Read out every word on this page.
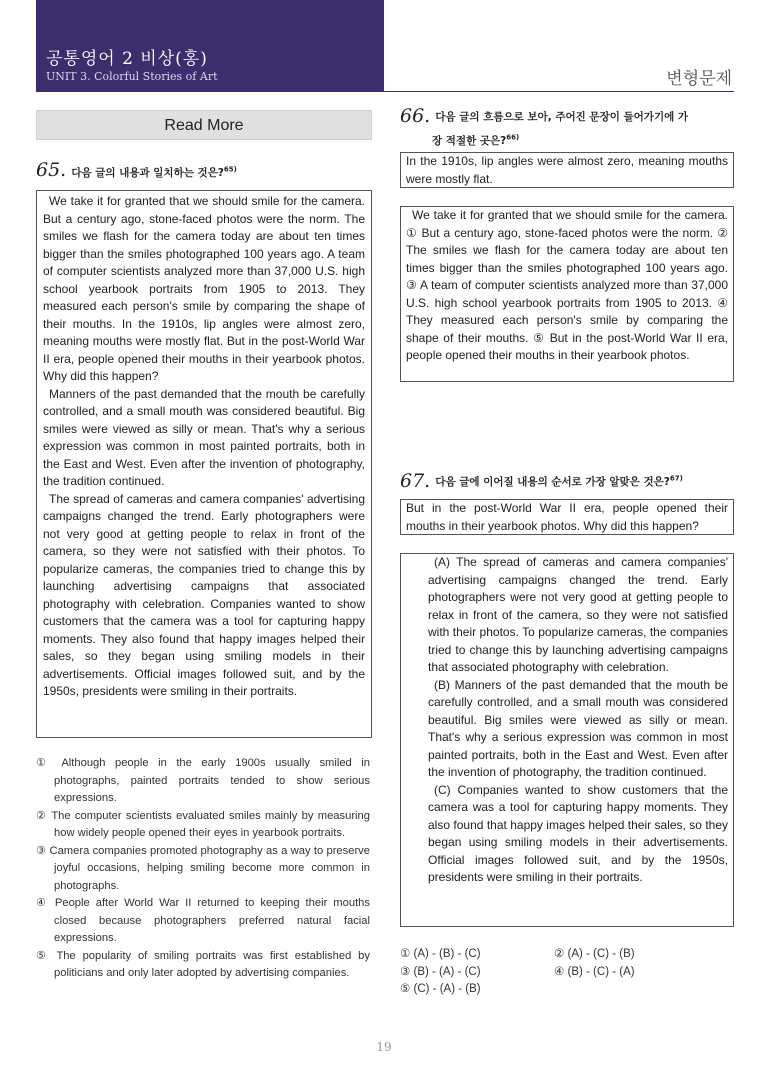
공통영어 2 비상(홍)
UNIT 3. Colorful Stories of Art	변형문제
Read More
65. 다음 글의 내용과 일치하는 것은?$^{65)}$

We take it for granted that we should smile for the camera. But a century ago, stone-faced photos were the norm. The smiles we flash for the camera today are about ten times bigger than the smiles photographed 100 years ago. A team of computer scientists analyzed more than 37,000 U.S. high school yearbook portraits from 1905 to 2013. They measured each person's smile by comparing the shape of their mouths. In the 1910s, lip angles were almost zero, meaning mouths were mostly flat. But in the post-World War II era, people opened their mouths in their yearbook photos. Why did this happen?

Manners of the past demanded that the mouth be carefully controlled, and a small mouth was considered beautiful. Big smiles were viewed as silly or mean. That's why a serious expression was common in most painted portraits, both in the East and West. Even after the invention of photography, the tradition continued.

The spread of cameras and camera companies' advertising campaigns changed the trend. Early photographers were not very good at getting people to relax in front of the camera, so they were not satisfied with their photos. To popularize cameras, the companies tried to change this by launching advertising campaigns that associated photography with celebration. Companies wanted to show customers that the camera was a tool for capturing happy moments. They also found that happy images helped their sales, so they began using smiling models in their advertisements. Official images followed suit, and by the 1950s, presidents were smiling in their portraits.

① Although people in the early 1900s usually smiled in photographs, painted portraits tended to show serious expressions.

② The computer scientists evaluated smiles mainly by measuring how widely people opened their eyes in yearbook portraits.

③ Camera companies promoted photography as a way to preserve joyful occasions, helping smiling become more common in photographs.

④ People after World War II returned to keeping their mouths closed because photographers preferred natural facial expressions.

⑤ The popularity of smiling portraits was first established by politicians and only later adopted by advertising companies.

66. 다음 글의 흐름으로 보아, 주어진 문장이 들어가기에 가
장 적절한 곳은?$^{66)}$
In the 1910s, lip angles were almost zero, meaning mouths were mostly flat.

We take it for granted that we should smile for the camera. ① But a century ago, stone-faced photos were the norm. ② The smiles we flash for the camera today are about ten times bigger than the smiles photographed 100 years ago. ③ A team of computer scientists analyzed more than 37,000 U.S. high school yearbook portraits from 1905 to 2013. ④ They measured each person's smile by comparing the shape of their mouths. ⑤ But in the post-World War II era, people opened their mouths in their yearbook photos.

67. 다음 글에 이어질 내용의 순서로 가장 알맞은 것은?$^{67)}$
But in the post-World War II era, people opened their mouths in their yearbook photos. Why did this happen?

(A) The spread of cameras and camera companies' advertising campaigns changed the trend. Early photographers were not very good at getting people to relax in front of the camera, so they were not satisfied with their photos. To popularize cameras, the companies tried to change this by launching advertising campaigns that associated photography with celebration.

(B) Manners of the past demanded that the mouth be carefully controlled, and a small mouth was considered beautiful. Big smiles were viewed as silly or mean. That's why a serious expression was common in most painted portraits, both in the East and West. Even after the invention of photography, the tradition continued.

(C) Companies wanted to show customers that the camera was a tool for capturing happy moments. They also found that happy images helped their sales, so they began using smiling models in their advertisements. Official images followed suit, and by the 1950s, presidents were smiling in their portraits.

① (A) - (B) - (C)	② (A) - (C) - (B)
③ (B) - (A) - (C)	④ (B) - (C) - (A)
⑤ (C) - (A) - (B)
19
